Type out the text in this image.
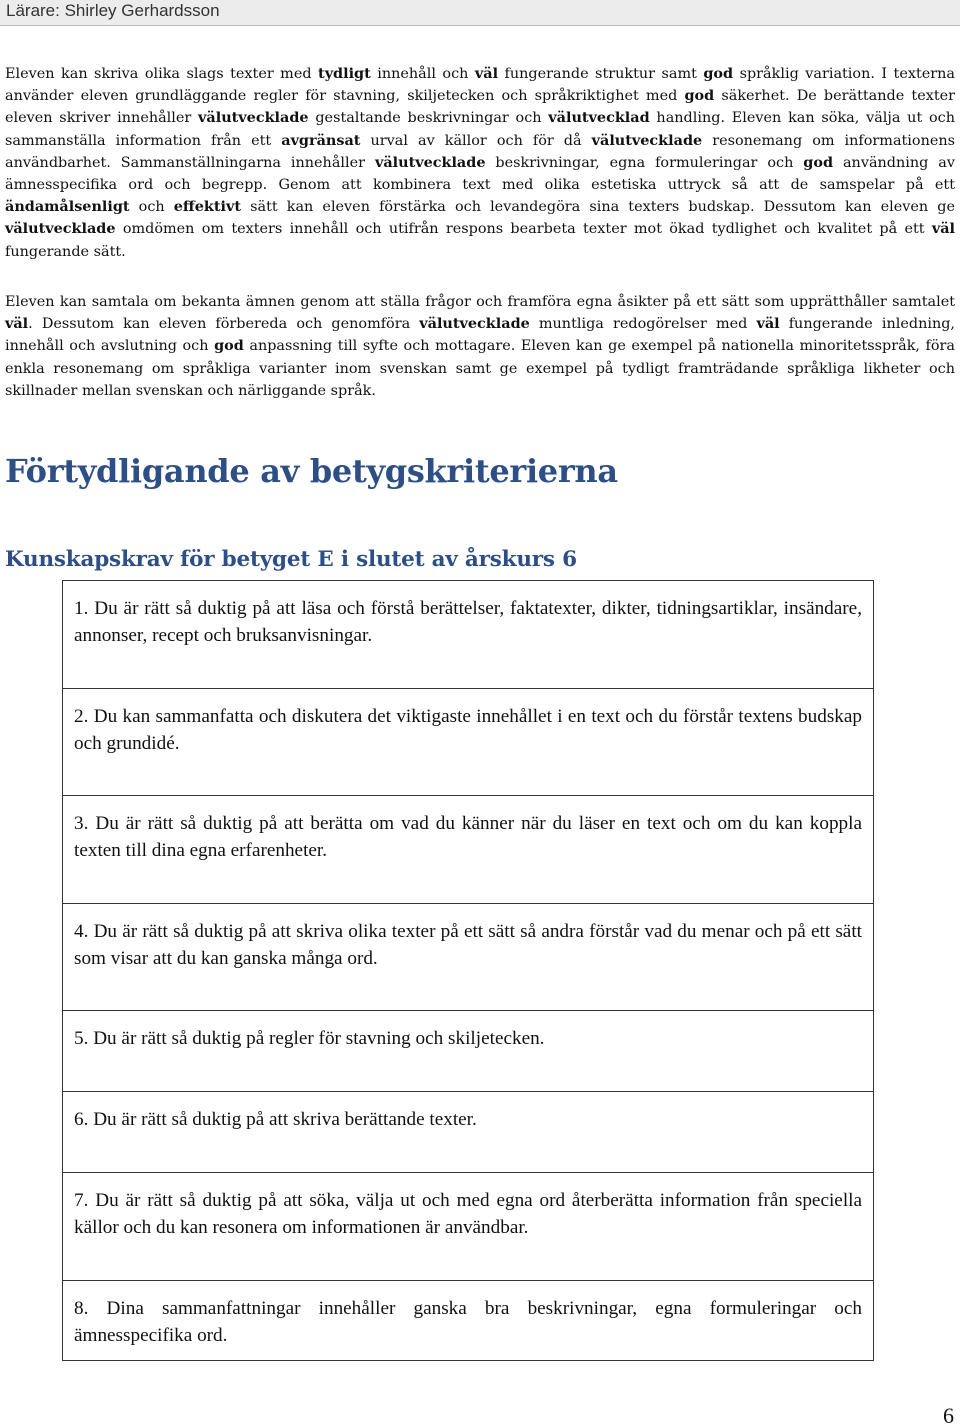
Lärare: Shirley Gerhardsson

Eleven kan skriva olika slags texter med tydligt innehåll och väl fungerande struktur samt god språklig variation. I texterna använder eleven grundläggande regler för stavning, skiljetecken och språkriktighet med god säkerhet. De berättande texter eleven skriver innehåller välutvecklade gestaltande beskrivningar och välutvecklad handling. Eleven kan söka, välja ut och sammanställa information från ett avgränsat urval av källor och för då välutvecklade resonemang om informationens användbarhet. Sammanställningarna innehåller välutvecklade beskrivningar, egna formuleringar och god användning av ämnesspecifika ord och begrepp. Genom att kombinera text med olika estetiska uttryck så att de samspelar på ett ändamålsenligt och effektivt sätt kan eleven förstärka och levandegöra sina texters budskap. Dessutom kan eleven ge välutvecklade omdömen om texters innehåll och utifrån respons bearbeta texter mot ökad tydlighet och kvalitet på ett väl fungerande sätt.

Eleven kan samtala om bekanta ämnen genom att ställa frågor och framföra egna åsikter på ett sätt som upprätthåller samtalet väl. Dessutom kan eleven förbereda och genomföra välutvecklade muntliga redogörelser med väl fungerande inledning, innehåll och avslutning och god anpassning till syfte och mottagare. Eleven kan ge exempel på nationella minoritetsspråk, föra enkla resonemang om språkliga varianter inom svenskan samt ge exempel på tydligt framträdande språkliga likheter och skillnader mellan svenskan och närliggande språk.

Förtydligande av betygskriterierna
Kunskapskrav för betyget E i slutet av årskurs 6
1. Du är rätt så duktig på att läsa och förstå berättelser, faktatexter, dikter, tidningsartiklar, insändare, annonser, recept och bruksanvisningar.
2. Du kan sammanfatta och diskutera det viktigaste innehållet i en text och du förstår textens budskap och grundidé.
3. Du är rätt så duktig på att berätta om vad du känner när du läser en text och om du kan koppla texten till dina egna erfarenheter.
4. Du är rätt så duktig på att skriva olika texter på ett sätt så andra förstår vad du menar och på ett sätt som visar att du kan ganska många ord.
5. Du är rätt så duktig på regler för stavning och skiljetecken.
6. Du är rätt så duktig på att skriva berättande texter.
7. Du är rätt så duktig på att söka, välja ut och med egna ord återberätta information från speciella källor och du kan resonera om informationen är användbar.
8. Dina sammanfattningar innehåller ganska bra beskrivningar, egna formuleringar och ämnesspecifika ord.
6
